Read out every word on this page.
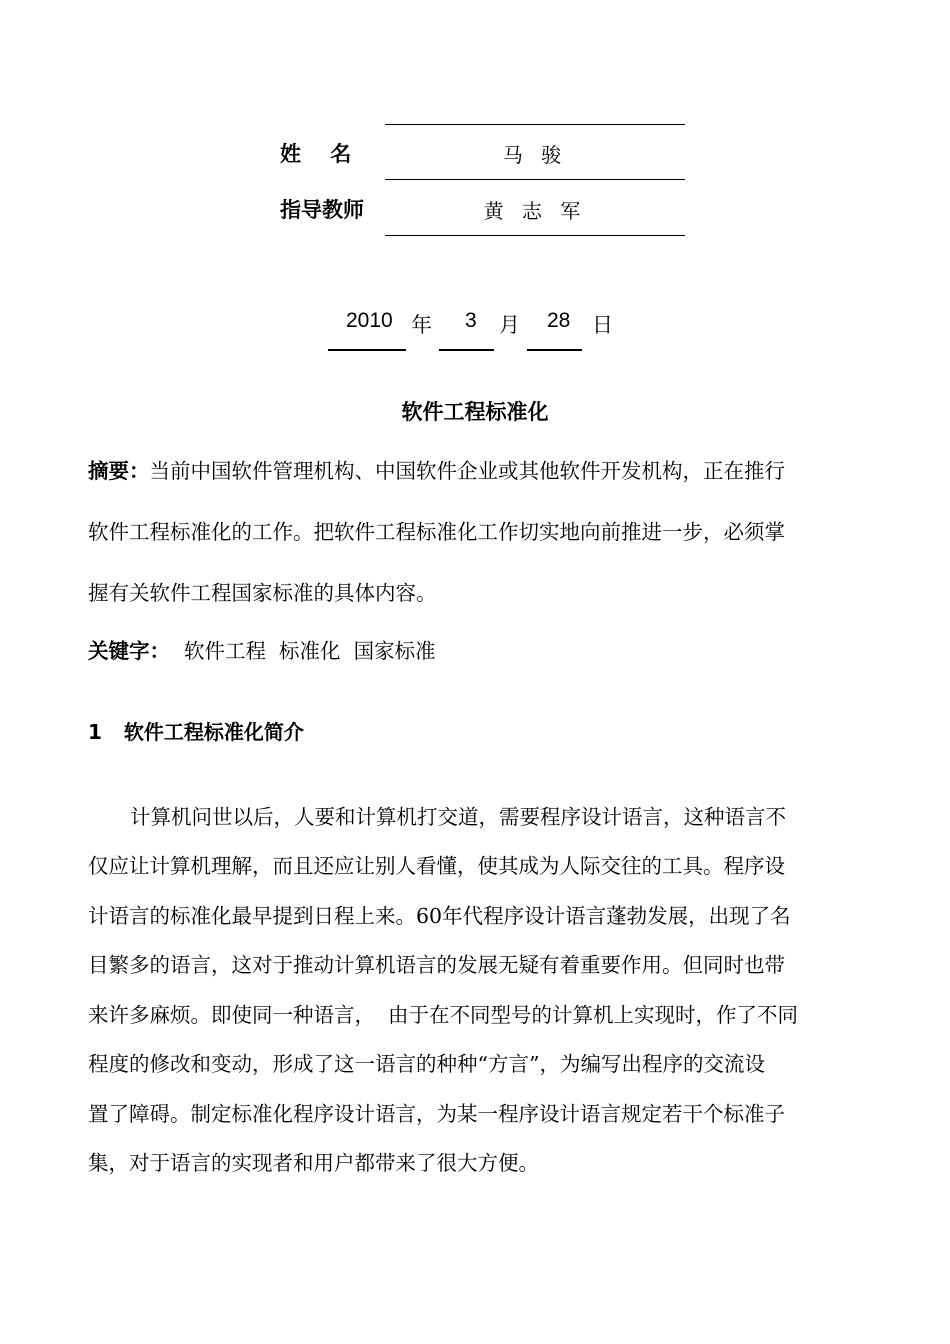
姓    名	马 骏
指导教师	黄 志 军
2010 年 3 月 28 日
软件工程标准化
摘要：当前中国软件管理机构、中国软件企业或其他软件开发机构，正在推行
软件工程标准化的工作。把软件工程标准化工作切实地向前推进一步，必须掌
握有关软件工程国家标准的具体内容。
关键字： 软件工程  标准化  国家标准
1 软件工程标准化简介
计算机问世以后，人要和计算机打交道，需要程序设计语言，这种语言不
仅应让计算机理解，而且还应让别人看懂，使其成为人际交往的工具。程序设
计语言的标准化最早提到日程上来。60年代程序设计语言蓬勃发展，出现了名
目繁多的语言，这对于推动计算机语言的发展无疑有着重要作用。但同时也带
来许多麻烦。即使同一种语言，  由于在不同型号的计算机上实现时，作了不同
程度的修改和变动，形成了这一语言的种种“方言”，为编写出程序的交流设
置了障碍。制定标准化程序设计语言，为某一程序设计语言规定若干个标准子
集，对于语言的实现者和用户都带来了很大方便。
